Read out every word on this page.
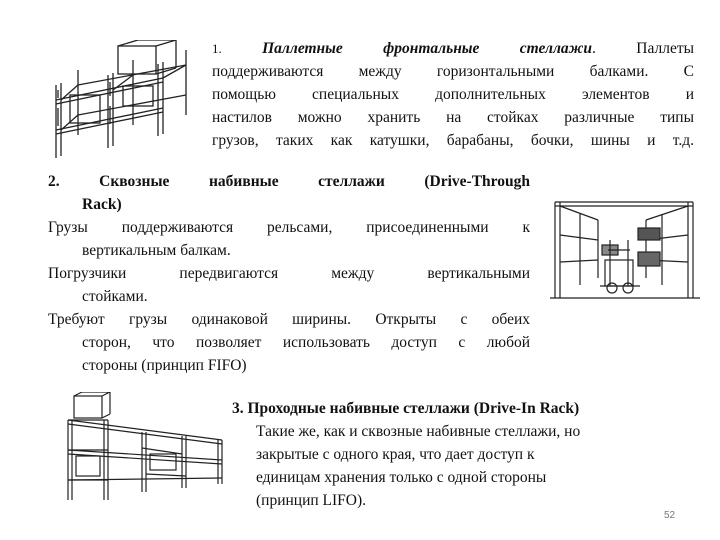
1.	Паллетные фронтальные стеллажи. Паллеты
поддерживаются между горизонтальными балками. С
помощью специальных дополнительных элементов и
настилов можно хранить на стойках различные типы
грузов, таких как катушки, барабаны, бочки, шины и т.д.
2. Сквозные набивные стеллажи (Drive-Through
Rack)
Грузы поддерживаются рельсами, присоединенными к
вертикальным балкам.
Погрузчики передвигаются между вертикальными
стойками.
Требуют грузы одинаковой ширины. Открыты с обеих
сторон, что позволяет использовать доступ с любой
стороны (принцип FIFO)
3. Проходные набивные стеллажи (Drive-In Rack)
Такие же, как и сквозные набивные стеллажи, но
закрытые с одного края, что дает доступ к
единицам хранения только с одной стороны
(принцип LIFO).
52
